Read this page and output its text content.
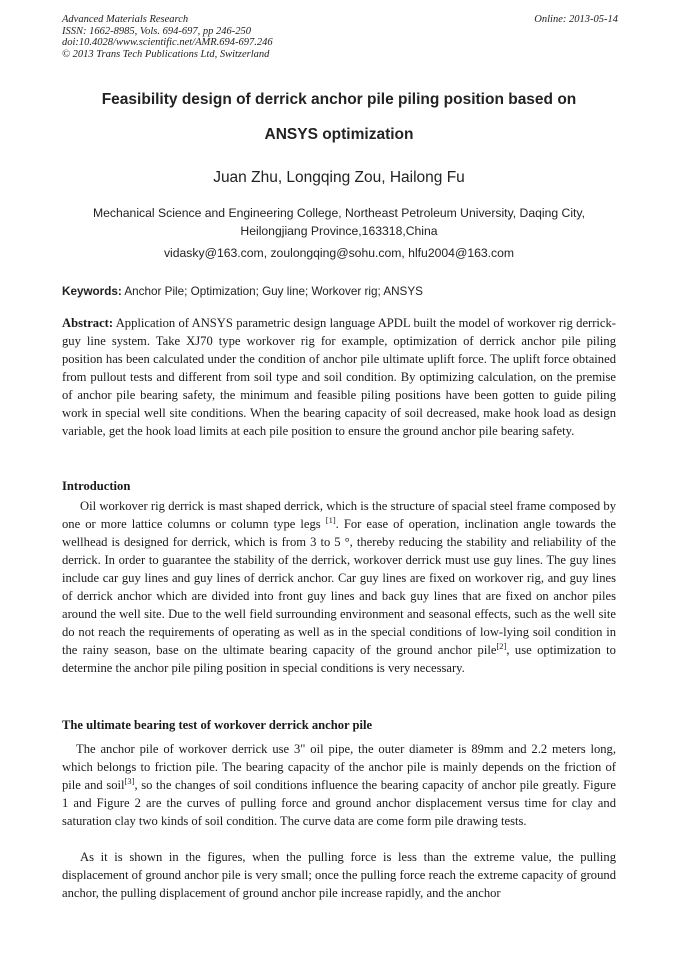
Advanced Materials Research
ISSN: 1662-8985, Vols. 694-697, pp 246-250
doi:10.4028/www.scientific.net/AMR.694-697.246
© 2013 Trans Tech Publications Ltd, Switzerland
Online: 2013-05-14
Feasibility design of derrick anchor pile piling position based on
ANSYS optimization
Juan Zhu, Longqing Zou, Hailong Fu
Mechanical Science and Engineering College, Northeast Petroleum University, Daqing City,
Heilongjiang Province,163318,China
vidasky@163.com, zoulongqing@sohu.com, hlfu2004@163.com
Keywords: Anchor Pile; Optimization; Guy line; Workover rig; ANSYS
Abstract: Application of ANSYS parametric design language APDL built the model of workover rig derrick-guy line system. Take XJ70 type workover rig for example, optimization of derrick anchor pile piling position has been calculated under the condition of anchor pile ultimate uplift force. The uplift force obtained from pullout tests and different from soil type and soil condition. By optimizing calculation, on the premise of anchor pile bearing safety, the minimum and feasible piling positions have been gotten to guide piling work in special well site conditions. When the bearing capacity of soil decreased, make hook load as design variable, get the hook load limits at each pile position to ensure the ground anchor pile bearing safety.
Introduction
Oil workover rig derrick is mast shaped derrick, which is the structure of spacial steel frame composed by one or more lattice columns or column type legs [1]. For ease of operation, inclination angle towards the wellhead is designed for derrick, which is from 3 to 5 °, thereby reducing the stability and reliability of the derrick. In order to guarantee the stability of the derrick, workover derrick must use guy lines. The guy lines include car guy lines and guy lines of derrick anchor. Car guy lines are fixed on workover rig, and guy lines of derrick anchor which are divided into front guy lines and back guy lines that are fixed on anchor piles around the well site. Due to the well field surrounding environment and seasonal effects, such as the well site do not reach the requirements of operating as well as in the special conditions of low-lying soil condition in the rainy season, base on the ultimate bearing capacity of the ground anchor pile[2], use optimization to determine the anchor pile piling position in special conditions is very necessary.
The ultimate bearing test of workover derrick anchor pile
The anchor pile of workover derrick use 3" oil pipe, the outer diameter is 89mm and 2.2 meters long, which belongs to friction pile. The bearing capacity of the anchor pile is mainly depends on the friction of pile and soil[3], so the changes of soil conditions influence the bearing capacity of anchor pile greatly. Figure 1 and Figure 2 are the curves of pulling force and ground anchor displacement versus time for clay and saturation clay two kinds of soil condition. The curve data are come form pile drawing tests.
As it is shown in the figures, when the pulling force is less than the extreme value, the pulling displacement of ground anchor pile is very small; once the pulling force reach the extreme capacity of ground anchor, the pulling displacement of ground anchor pile increase rapidly, and the anchor
